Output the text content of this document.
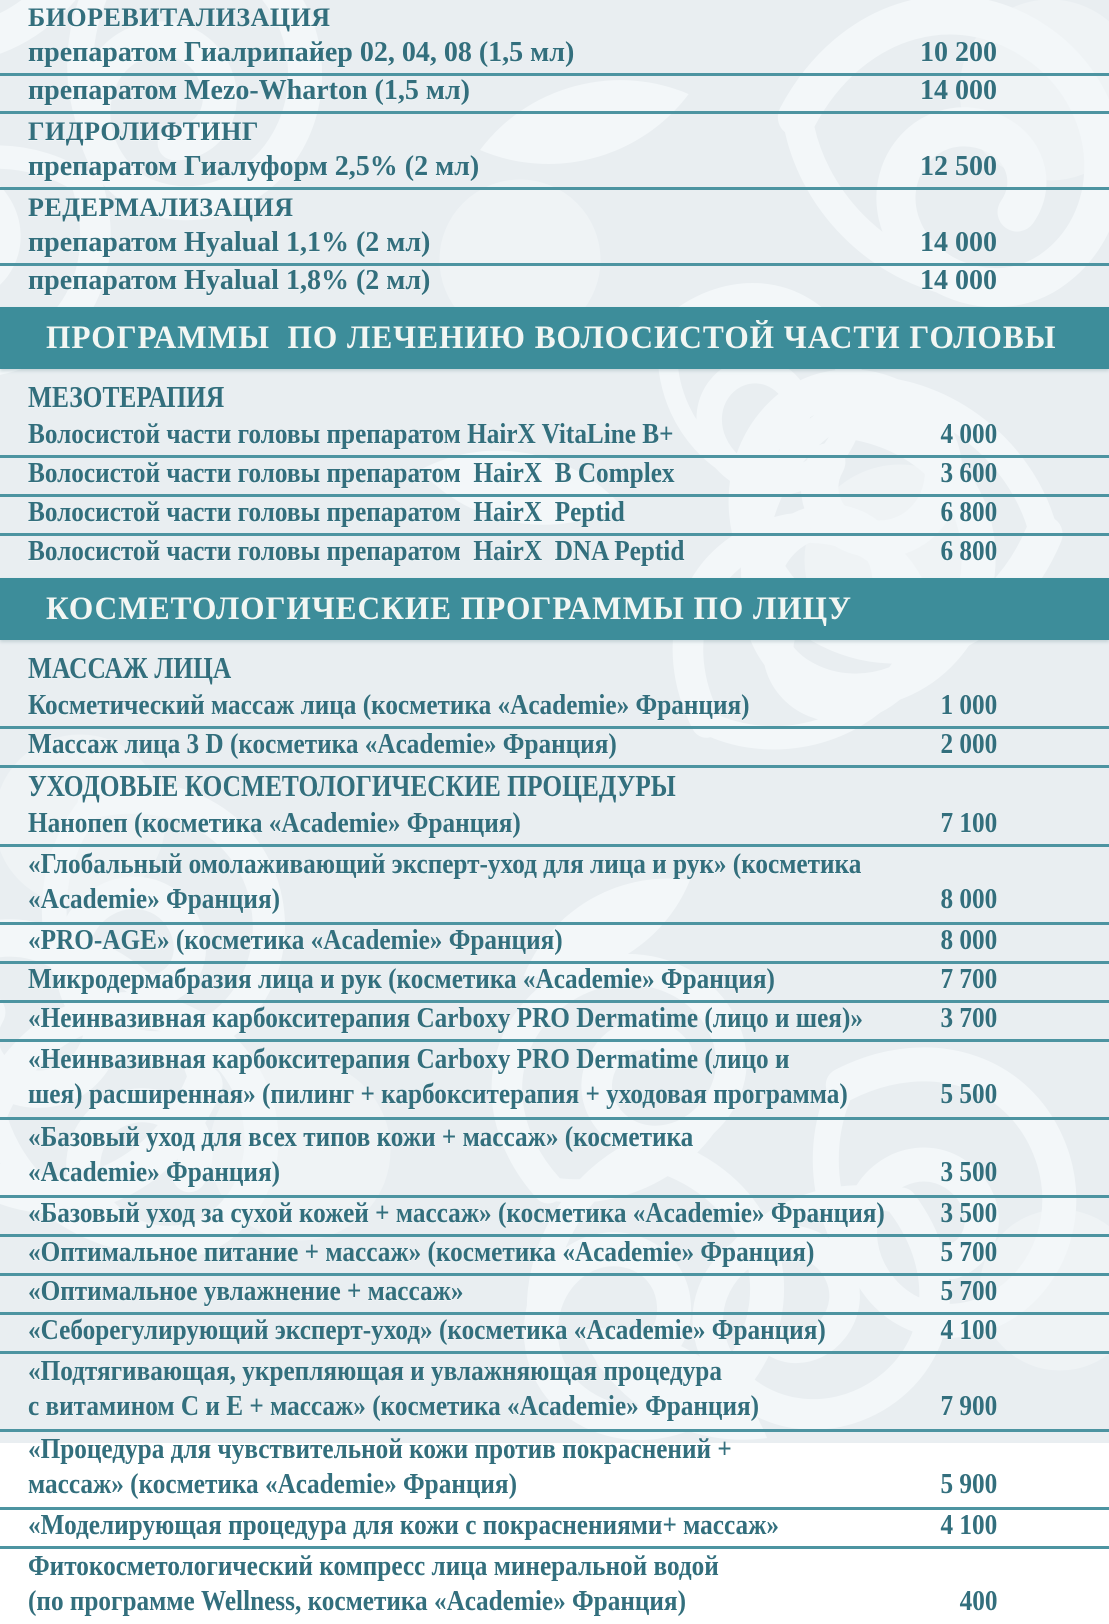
БИОРЕВИТАЛИЗАЦИЯ
препаратом Гиалрипайер 02, 04, 08 (1,5 мл)	10 200
препаратом Mezo-Wharton (1,5 мл)	14 000
ГИДРОЛИФТИНГ
препаратом Гиалуформ 2,5% (2 мл)	12 500
РЕДЕРМАЛИЗАЦИЯ
препаратом Hyalual 1,1% (2 мл)	14 000
препаратом Hyalual 1,8% (2 мл)	14 000
ПРОГРАММЫ  ПО ЛЕЧЕНИЮ ВОЛОСИСТОЙ ЧАСТИ ГОЛОВЫ
МЕЗОТЕРАПИЯ
Волосистой части головы препаратом HairX VitaLine B+	4 000
Волосистой части головы препаратом  HairX  B Complex	3 600
Волосистой части головы препаратом  HairX  Peptid	6 800
Волосистой части головы препаратом  HairX  DNA Peptid	6 800
КОСМЕТОЛОГИЧЕСКИЕ ПРОГРАММЫ ПО ЛИЦУ
МАССАЖ ЛИЦА
Косметический массаж лица (косметика «Academie» Франция)	1 000
Массаж лица 3 D (косметика «Academie» Франция)	2 000
УХОДОВЫЕ КОСМЕТОЛОГИЧЕСКИЕ ПРОЦЕДУРЫ
Нанопеп (косметика «Academie» Франция)	7 100
«Глобальный омолаживающий эксперт-уход для лица и рук» (косметика
«Academie» Франция)	8 000
«PRO-AGE» (косметика «Academie» Франция)	8 000
Микродермабразия лица и рук (косметика «Academie» Франция)	7 700
«Неинвазивная карбокситерапия Carboxy PRO Dermatime (лицо и шея)»	3 700
«Неинвазивная карбокситерапия Carboxy PRO Dermatime (лицо и
шея) расширенная» (пилинг + карбокситерапия + уходовая программа)	5 500
«Базовый уход для всех типов кожи + массаж» (косметика
«Academie» Франция)	3 500
«Базовый уход за сухой кожей + массаж» (косметика «Academie» Франция)	3 500
«Оптимальное питание + массаж» (косметика «Academie» Франция)	5 700
«Оптимальное увлажнение + массаж»	5 700
«Себорегулирующий эксперт-уход» (косметика «Academie» Франция)	4 100
«Подтягивающая, укрепляющая и увлажняющая процедура
с витамином С и Е + массаж» (косметика «Academie» Франция)	7 900
«Процедура для чувствительной кожи против покраснений +
массаж» (косметика «Academie» Франция)	5 900
«Моделирующая процедура для кожи с покраснениями+ массаж»	4 100
Фитокосметологический компресс лица минеральной водой
(по программе Wellness, косметика «Academie» Франция)	400
